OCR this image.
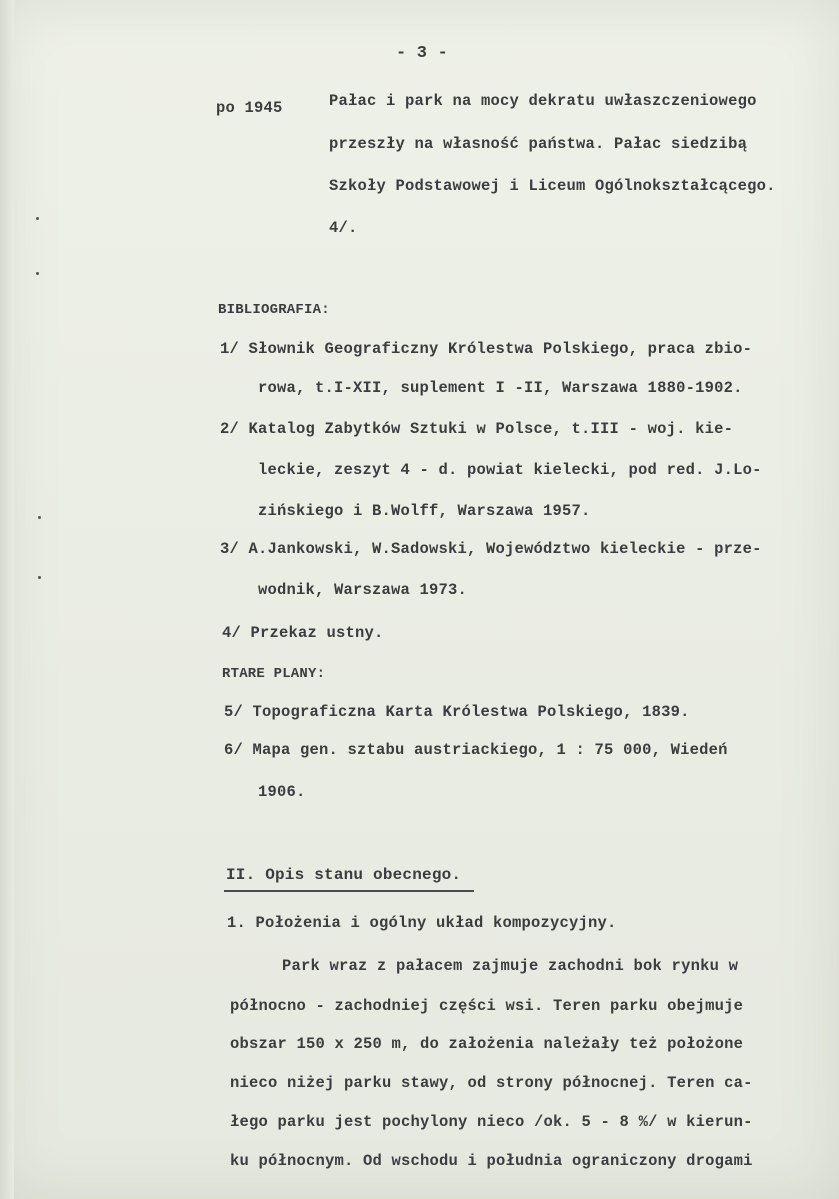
- 3 -
po 1945	Pałac i park na mocy dekratu uwłaszczeniowego
przeszły na własność państwa. Pałac siedzibą
Szkoły Podstawowej i Liceum Ogólnokształcącego.
4/.
BIBLIOGRAFIA:
1/ Słownik Geograficzny Królestwa Polskiego, praca zbio-
rowa, t.I-XII, suplement I -II, Warszawa 1880-1902.
2/ Katalog Zabytków Sztuki w Polsce, t.III - woj. kie-
leckie, zeszyt 4 - d. powiat kielecki, pod red. J.Lo-
zińskiego i B.Wolff, Warszawa 1957.
3/ A.Jankowski, W.Sadowski, Województwo kieleckie - prze-
wodnik, Warszawa 1973.
4/ Przekaz ustny.
RTARE PLANY:
5/ Topograficzna Karta Królestwa Polskiego, 1839.
6/ Mapa gen. sztabu austriackiego, 1 : 75 000, Wiedeń
1906.
II. Opis stanu obecnego.
1. Położenia i ogólny układ kompozycyjny.
Park wraz z pałacem zajmuje zachodni bok rynku w
północno - zachodniej części wsi. Teren parku obejmuje
obszar 150 x 250 m, do założenia należały też położone
nieco niżej parku stawy, od strony północnej. Teren ca-
łego parku jest pochylony nieco /ok. 5 - 8 %/ w kierun-
ku północnym. Od wschodu i południa ograniczony drogami
